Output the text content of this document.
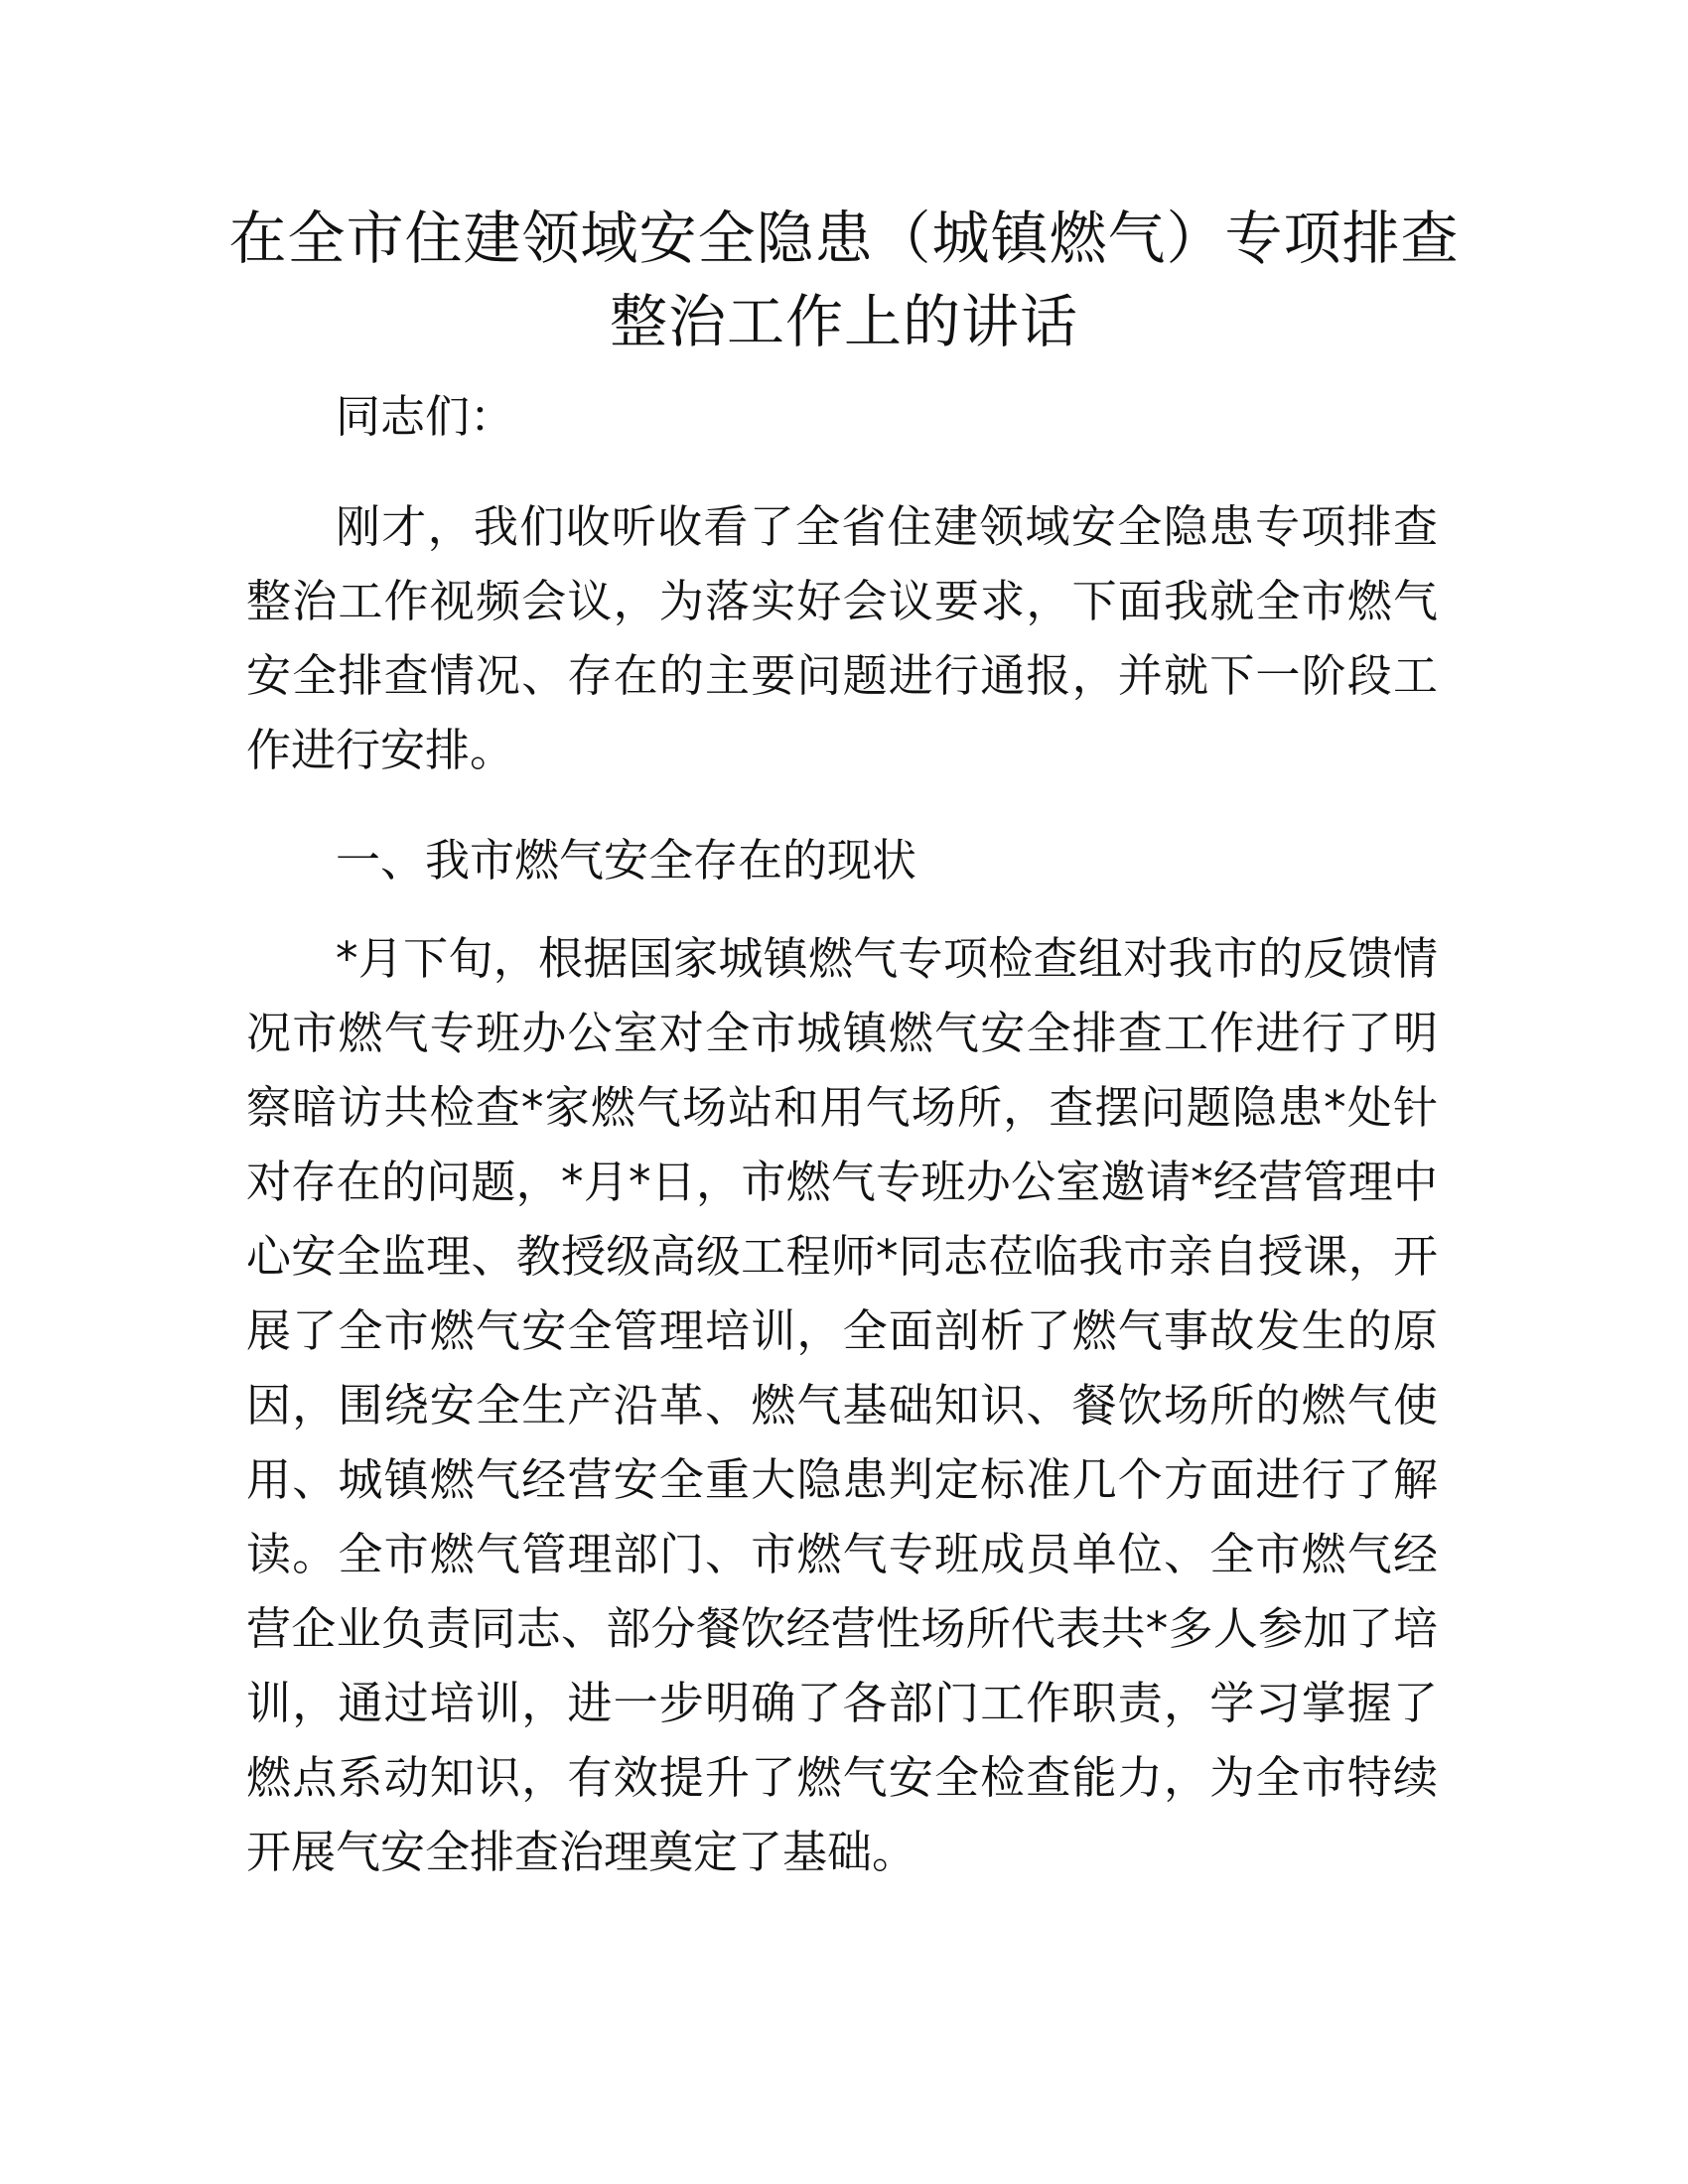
在全市住建领域安全隐患（城镇燃气）专项排查整治工作上的讲话

同志们：

刚才，我们收听收看了全省住建领域安全隐患专项排查整治工作视频会议，为落实好会议要求，下面我就全市燃气安全排查情况、存在的主要问题进行通报，并就下一阶段工作进行安排。

一、我市燃气安全存在的现状

*月下旬，根据国家城镇燃气专项检查组对我市的反馈情况市燃气专班办公室对全市城镇燃气安全排查工作进行了明察暗访共检查*家燃气场站和用气场所，查摆问题隐患*处针对存在的问题，*月*日，市燃气专班办公室邀请*经营管理中心安全监理、教授级高级工程师*同志莅临我市亲自授课，开展了全市燃气安全管理培训，全面剖析了燃气事故发生的原因，围绕安全生产沿革、燃气基础知识、餐饮场所的燃气使用、城镇燃气经营安全重大隐患判定标准几个方面进行了解读。全市燃气管理部门、市燃气专班成员单位、全市燃气经营企业负责同志、部分餐饮经营性场所代表共*多人参加了培训，通过培训，进一步明确了各部门工作职责，学习掌握了燃点系动知识，有效提升了燃气安全检查能力，为全市特续开展气安全排查治理奠定了基础。
